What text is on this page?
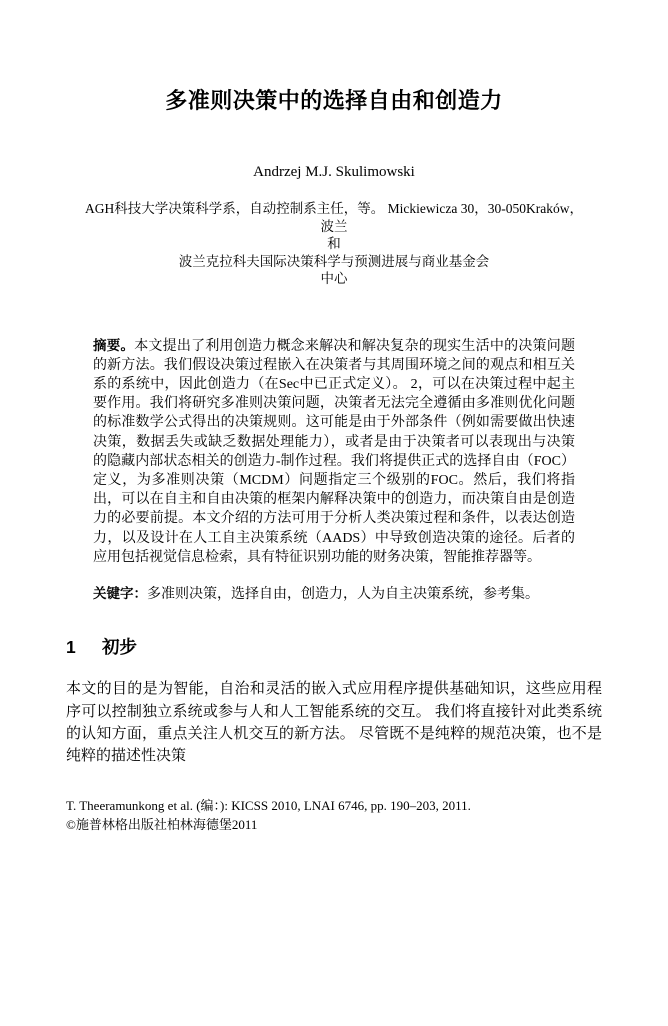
多准则决策中的选择自由和创造力
Andrzej M.J. Skulimowski
AGH科技大学决策科学系，自动控制系主任，等。 Mickiewicza 30，30-050Kraków，
波兰
和
波兰克拉科夫国际决策科学与预测进展与商业基金会
中心

摘要。本文提出了利用创造力概念来解决和解决复杂的现实生活中的决策问题的新方法。我们假设决策过程嵌入在决策者与其周围环境之间的观点和相互关系的系统中，因此创造力（在Sec中已正式定义）。 2，可以在决策过程中起主要作用。我们将研究多准则决策问题，决策者无法完全遵循由多准则优化问题的标准数学公式得出的决策规则。这可能是由于外部条件（例如需要做出快速决策，数据丢失或缺乏数据处理能力），或者是由于决策者可以表现出与决策的隐藏内部状态相关的创造力-制作过程。我们将提供正式的选择自由（FOC）定义，为多准则决策（MCDM）问题指定三个级别的FOC。然后，我们将指出，可以在自主和自由决策的框架内解释决策中的创造力，而决策自由是创造力的必要前提。本文介绍的方法可用于分析人类决策过程和条件，以表达创造力，以及设计在人工自主决策系统（AADS）中导致创造决策的途径。后者的应用包括视觉信息检索，具有特征识别功能的财务决策，智能推荐器等。

关键字：多准则决策，选择自由，创造力，人为自主决策系统，参考集。

1 初步

本文的目的是为智能，自治和灵活的嵌入式应用程序提供基础知识，这些应用程序可以控制独立系统或参与人和人工智能系统的交互。 我们将直接针对此类系统的认知方面，重点关注人机交互的新方法。 尽管既不是纯粹的规范决策，也不是纯粹的描述性决策

T. Theeramunkong et al. (编：): KICSS 2010, LNAI 6746, pp. 190–203, 2011.
©施普林格出版社柏林海德堡2011
